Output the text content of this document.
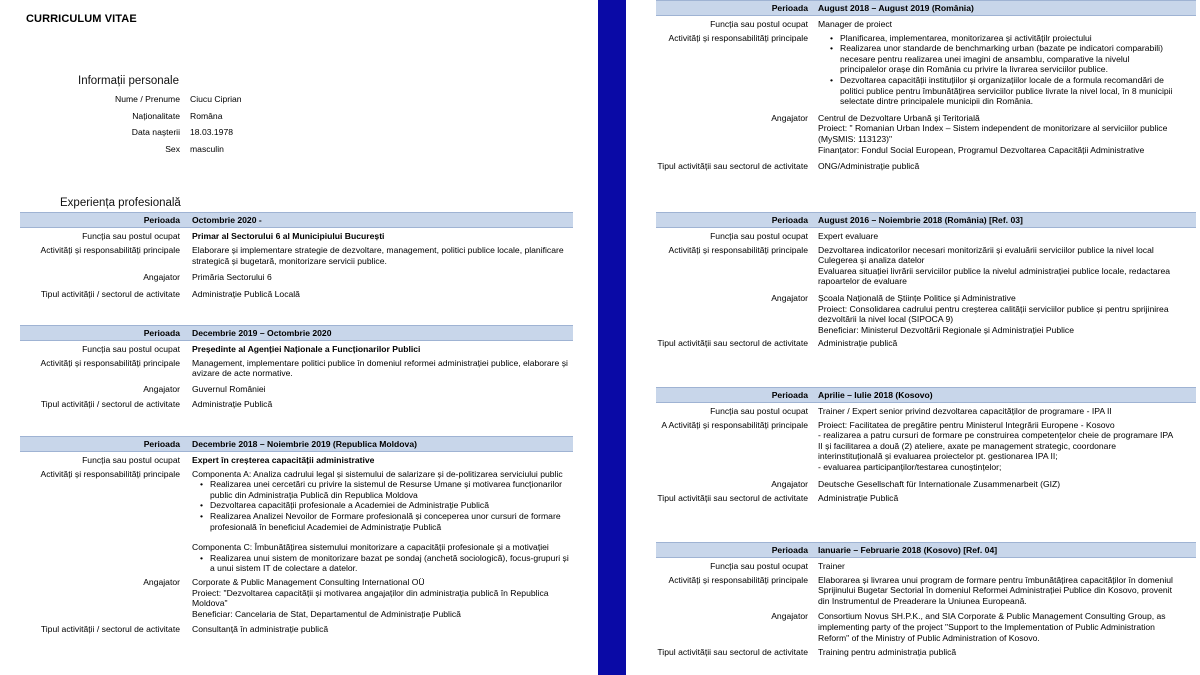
CURRICULUM VITAE
Informații personale
Nume / Prenume Ciucu Ciprian
Naționalitate Româna
Data nașterii 18.03.1978
Sex masculin
Experiența profesională
Perioada Octombrie 2020 -
Funcția sau postul ocupat Primar al Sectorului 6 al Municipiului București
Activități și responsabilități principale Elaborare și implementare strategie de dezvoltare, management, politici publice locale, planificare strategică și bugetară, monitorizare servicii publice.
Angajator Primăria Sectorului 6
Tipul activității / sectorul de activitate Administrație Publică Locală
Perioada Decembrie 2019 – Octombrie 2020
Funcția sau postul ocupat Președinte al Agenției Naționale a Funcționarilor Publici
Activități și responsabilități principale Management, implementare politici publice în domeniul reformei administrației publice, elaborare și avizare de acte normative.
Angajator Guvernul României
Tipul activității / sectorul de activitate Administrație Publică
Perioada Decembrie 2018 – Noiembrie 2019 (Republica Moldova)
Funcția sau postul ocupat Expert în creșterea capacității administrative
Activități și responsabilități principale Componenta A: Analiza cadrului legal și sistemului de salarizare și de-politizarea serviciului public

• Realizarea unei cercetări cu privire la sistemul de Resurse Umane și motivarea funcționarilor public din Administrația Publică din Republica Moldova
• Dezvoltarea capacității profesionale a Academiei de Administrație Publică
• Realizarea Analizei Nevoilor de Formare profesională și conceperea unor cursuri de formare profesională în beneficiul Academiei de Administrație Publică

Componenta C: Îmbunătățirea sistemului monitorizare a capacității profesionale și a motivației

• Realizarea unui sistem de monitorizare bazat pe sondaj (anchetă sociologică), focus-grupuri și a unui sistem IT de colectare a datelor.
Angajator Corporate & Public Management Consulting International OÜ

Proiect: "Dezvoltarea capacității și motivarea angajaților din administrația publică în Republica Moldova"

Beneficiar: Cancelaria de Stat, Departamentul de Administrație Publică

Tipul activității / sectorul de activitate Consultanță în administrație publică
Perioada August 2018 – August 2019 (România)
Funcția sau postul ocupat Manager de proiect
Activități și responsabilități principale
•	Planificarea, implementarea, monitorizarea și activitățilr proiectului
• Realizarea unor standarde de benchmarking urban (bazate pe indicatori comparabili) necesare pentru realizarea unei imagini de ansamblu, comparative la nivelul principalelor orașe din România cu privire la livrarea serviciilor publice.
• Dezvoltarea capacității instituțiilor și organizațiilor locale de a formula recomandări de politici publice pentru îmbunătățirea serviciilor publice livrate la nivel local, în 8 municipii selectate dintre principalele municipii din România.
Angajator Centrul de Dezvoltare Urbană și Teritorială

Proiect: " Romanian Urban Index – Sistem independent de monitorizare al serviciilor publice (MySMIS: 113123)"

Finanțator: Fondul Social European, Programul Dezvoltarea Capacității Administrative

Tipul activității sau sectorul de activitate ONG/Administrație publică
Perioada August 2016 – Noiembrie 2018 (România) [Ref. 03]
Funcția sau postul ocupat Expert evaluare
Activități și responsabilități principale Dezvoltarea indicatorilor necesari monitorizării și evaluării serviciilor publice la nivel local

Culegerea și analiza datelor

Evaluarea situației livrării serviciilor publice la nivelul administrației publice locale, redactarea rapoartelor de evaluare

Angajator Școala Națională de Științe Politice și Administrative

Proiect: Consolidarea cadrului pentru creșterea calității serviciilor publice și pentru sprijinirea dezvoltării la nivel local (SIPOCA 9)

Beneficiar: Ministerul Dezvoltării Regionale și Administrației Publice

Tipul activității sau sectorul de activitate Administrație publică
Perioada Aprilie – Iulie 2018 (Kosovo)
Funcția sau postul ocupat Trainer / Expert senior privind dezvoltarea capacităților de programare - IPA II
A Activități și responsabilități principale Proiect: Facilitatea de pregătire pentru Ministerul Integrării Europene - Kosovo

- realizarea a patru cursuri de formare pe construirea competențelor cheie de programare IPA II și facilitarea a două (2) ateliere, axate pe management strategic, coordonare interinstituțională și evaluarea proiectelor pt. gestionarea IPA II;

- evaluarea participanților/testarea cunoștințelor;

Angajator Deutsche Gesellschaft für Internationale Zusammenarbeit (GIZ)
Tipul activității sau sectorul de activitate Administrație Publică
Perioada Ianuarie – Februarie 2018 (Kosovo) [Ref. 04]
Funcția sau postul ocupat Trainer
Activități și responsabilități principale Elaborarea și livrarea unui program de formare pentru îmbunătățirea capacităților în domeniul Sprijinului Bugetar Sectorial în domeniul Reformei Administrației Publice din Kosovo, provenit din Instrumentul de Preaderare la Uniunea Europeană.
Angajator Consortium Novus SH.P.K., and SIA Corporate & Public Management Consulting Group, as implementing party of the project "Support to the Implementation of Public Administration Reform" of the Ministry of Public Administration of Kosovo.
Tipul activității sau sectorul de activitate Training pentru administrația publică
